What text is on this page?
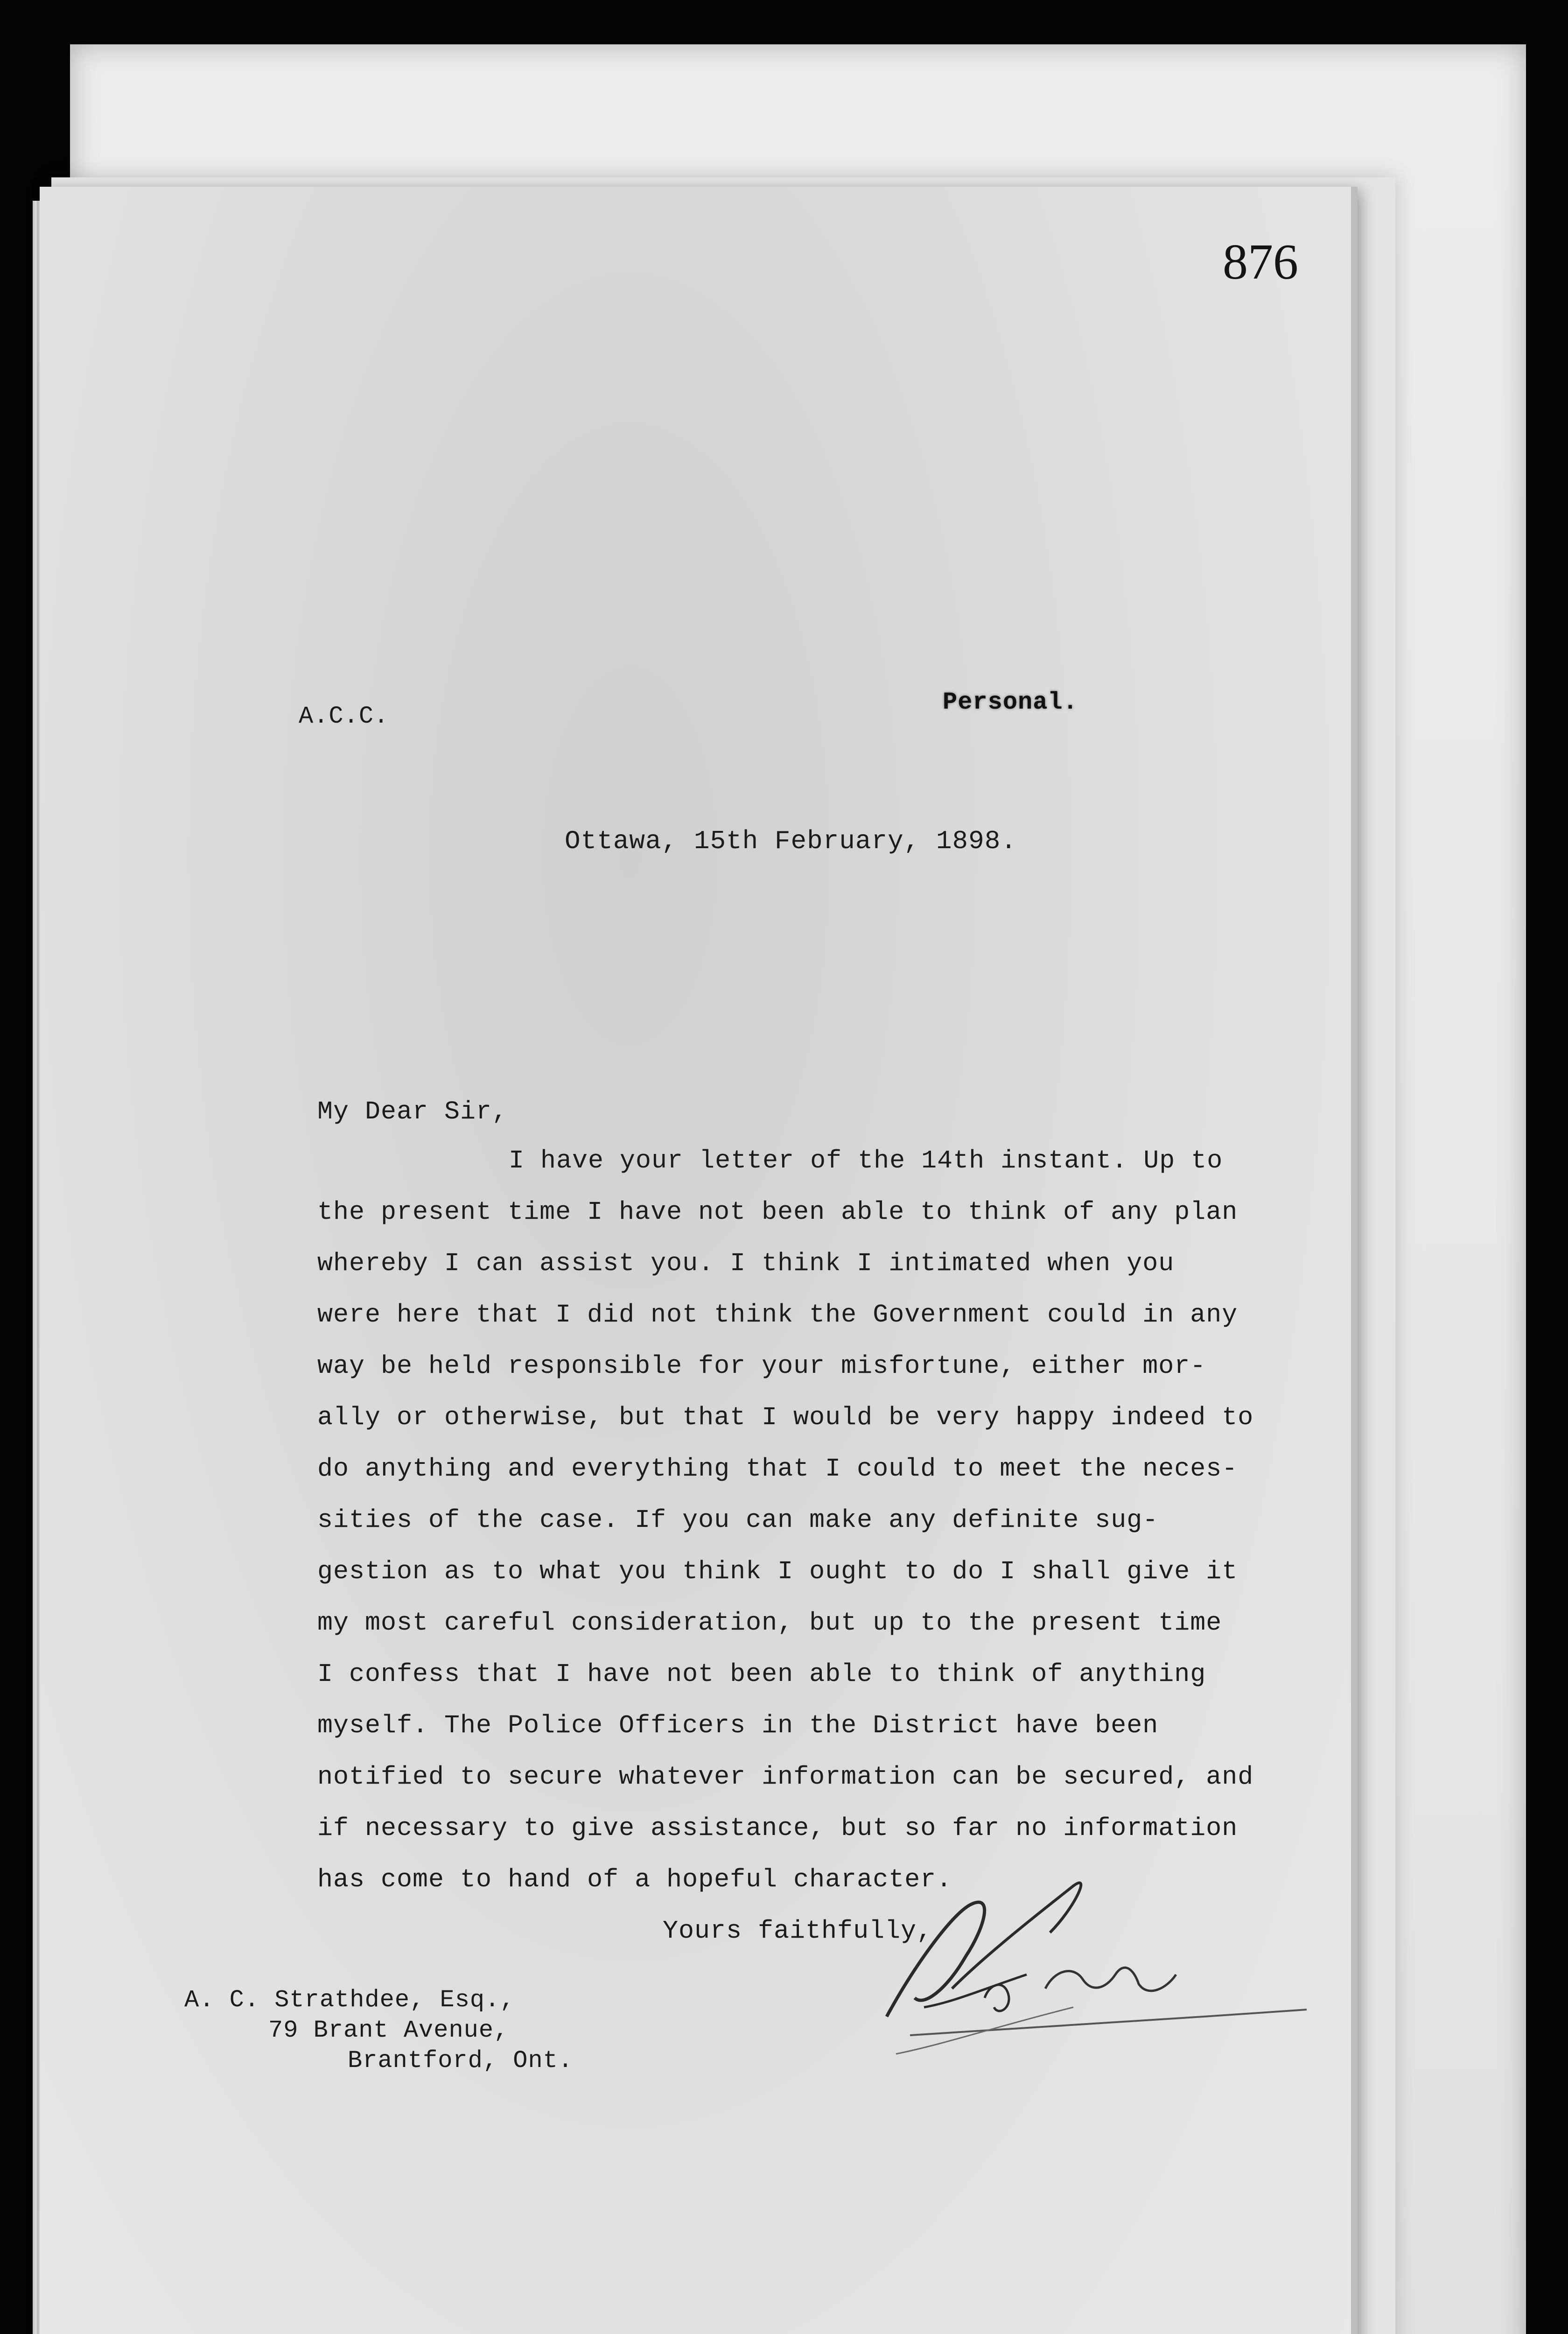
876
A.C.C.
Personal.
Ottawa, 15th February, 1898.
My Dear Sir,
I have your letter of the 14th instant. Up to
the present time I have not been able to think of any plan
whereby I can assist you. I think I intimated when you
were here that I did not think the Government could in any
way be held responsible for your misfortune, either mor-
ally or otherwise, but that I would be very happy indeed to
do anything and everything that I could to meet the neces-
sities of the case. If you can make any definite sug-
gestion as to what you think I ought to do I shall give it
my most careful consideration, but up to the present time
I confess that I have not been able to think of anything
myself. The Police Officers in the District have been
notified to secure whatever information can be secured, and
if necessary to give assistance, but so far no information
has come to hand of a hopeful character.
Yours faithfully,
A. C. Strathdee, Esq.,
79 Brant Avenue,
Brantford, Ont.
